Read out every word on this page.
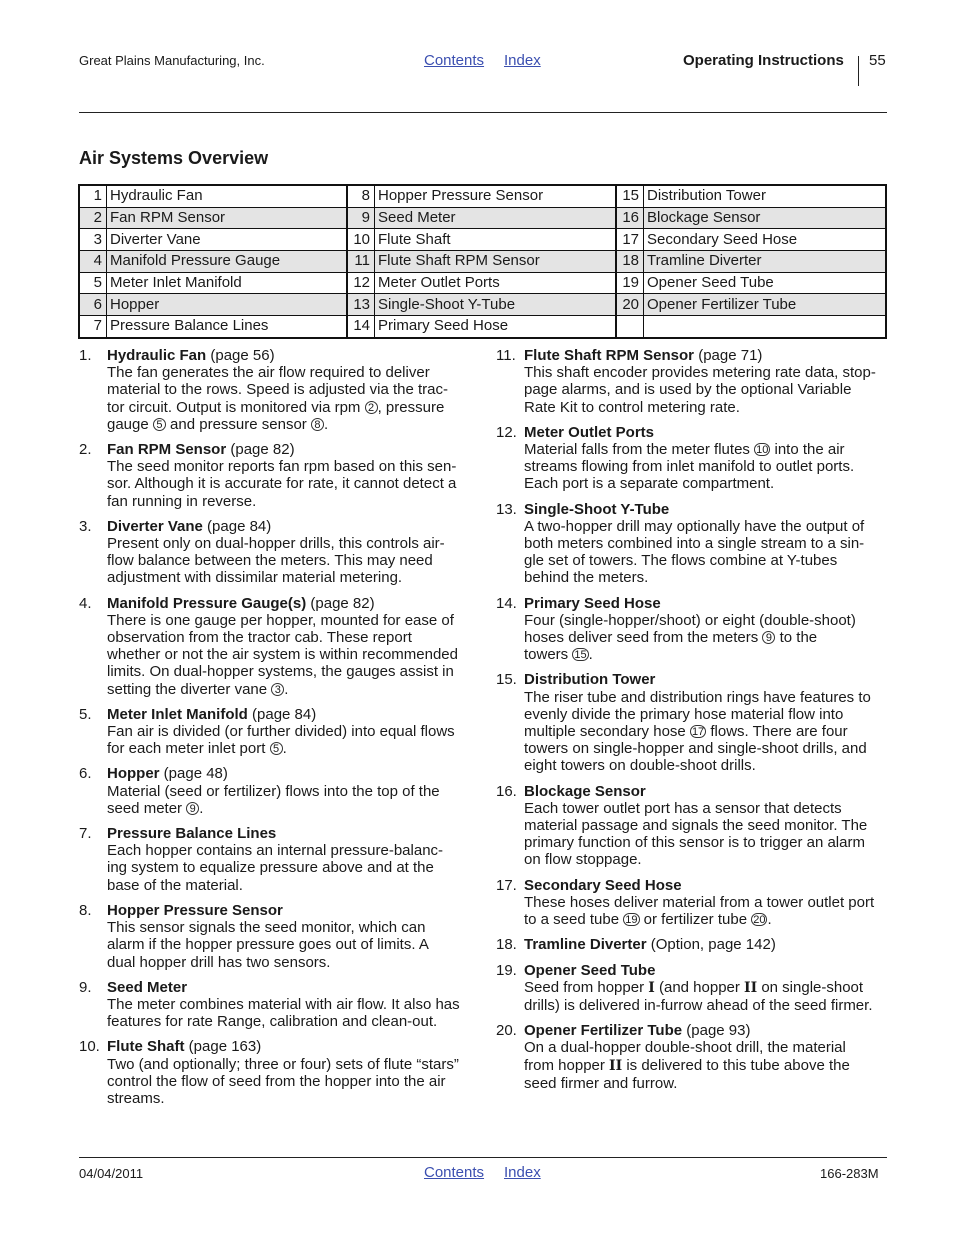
Great Plains Manufacturing, Inc.	Contents Index	Operating Instructions 55
Air Systems Overview
1	Hydraulic Fan	8	Hopper Pressure Sensor	15	Distribution Tower
2	Fan RPM Sensor	9	Seed Meter	16	Blockage Sensor
3	Diverter Vane	10	Flute Shaft	17	Secondary Seed Hose
4	Manifold Pressure Gauge	11	Flute Shaft RPM Sensor	18	Tramline Diverter
5	Meter Inlet Manifold	12	Meter Outlet Ports	19	Opener Seed Tube
6	Hopper	13	Single-Shoot Y-Tube	20	Opener Fertilizer Tube
7	Pressure Balance Lines	14	Primary Seed Hose		
1. Hydraulic Fan (page 56)
The fan generates the air flow required to deliver
material to the rows. Speed is adjusted via the trac-
tor circuit. Output is monitored via rpm 2 , pressure
gauge 5 and pressure sensor 8 .
2. Fan RPM Sensor (page 82)
The seed monitor reports fan rpm based on this sen-
sor. Although it is accurate for rate, it cannot detect a
fan running in reverse.
3. Diverter Vane (page 84)
Present only on dual-hopper drills, this controls air-
flow balance between the meters. This may need
adjustment with dissimilar material metering.
4. Manifold Pressure Gauge(s) (page 82)
There is one gauge per hopper, mounted for ease of
observation from the tractor cab. These report
whether or not the air system is within recommended
limits. On dual-hopper systems, the gauges assist in
setting the diverter vane 3 .
5. Meter Inlet Manifold (page 84)
Fan air is divided (or further divided) into equal flows
for each meter inlet port 5 .
6. Hopper (page 48)
Material (seed or fertilizer) flows into the top of the
seed meter 9 .
7. Pressure Balance Lines
Each hopper contains an internal pressure-balanc-
ing system to equalize pressure above and at the
base of the material.
8. Hopper Pressure Sensor
This sensor signals the seed monitor, which can
alarm if the hopper pressure goes out of limits. A
dual hopper drill has two sensors.
9. Seed Meter
The meter combines material with air flow. It also has
features for rate Range, calibration and clean-out.
10. Flute Shaft (page 163)
Two (and optionally; three or four) sets of flute “stars”
control the flow of seed from the hopper into the air
streams.
11. Flute Shaft RPM Sensor (page 71)
This shaft encoder provides metering rate data, stop-
page alarms, and is used by the optional Variable
Rate Kit to control metering rate.
12. Meter Outlet Ports
Material falls from the meter flutes 10 into the air
streams flowing from inlet manifold to outlet ports.
Each port is a separate compartment.
13. Single-Shoot Y-Tube
A two-hopper drill may optionally have the output of
both meters combined into a single stream to a sin-
gle set of towers. The flows combine at Y-tubes
behind the meters.
14. Primary Seed Hose
Four (single-hopper/shoot) or eight (double-shoot)
hoses deliver seed from the meters 9 to the
towers 15 .
15. Distribution Tower
The riser tube and distribution rings have features to
evenly divide the primary hose material flow into
multiple secondary hose 17 flows. There are four
towers on single-hopper and single-shoot drills, and
eight towers on double-shoot drills.
16. Blockage Sensor
Each tower outlet port has a sensor that detects
material passage and signals the seed monitor. The
primary function of this sensor is to trigger an alarm
on flow stoppage.
17. Secondary Seed Hose
These hoses deliver material from a tower outlet port
to a seed tube 19 or fertilizer tube 20 .
18. Tramline Diverter (Option, page 142)
19. Opener Seed Tube
Seed from hopper I (and hopper II on single-shoot
drills) is delivered in-furrow ahead of the seed firmer.
20. Opener Fertilizer Tube (page 93)
On a dual-hopper double-shoot drill, the material
from hopper II is delivered to this tube above the
seed firmer and furrow.
04/04/2011	Contents Index	166-283M
